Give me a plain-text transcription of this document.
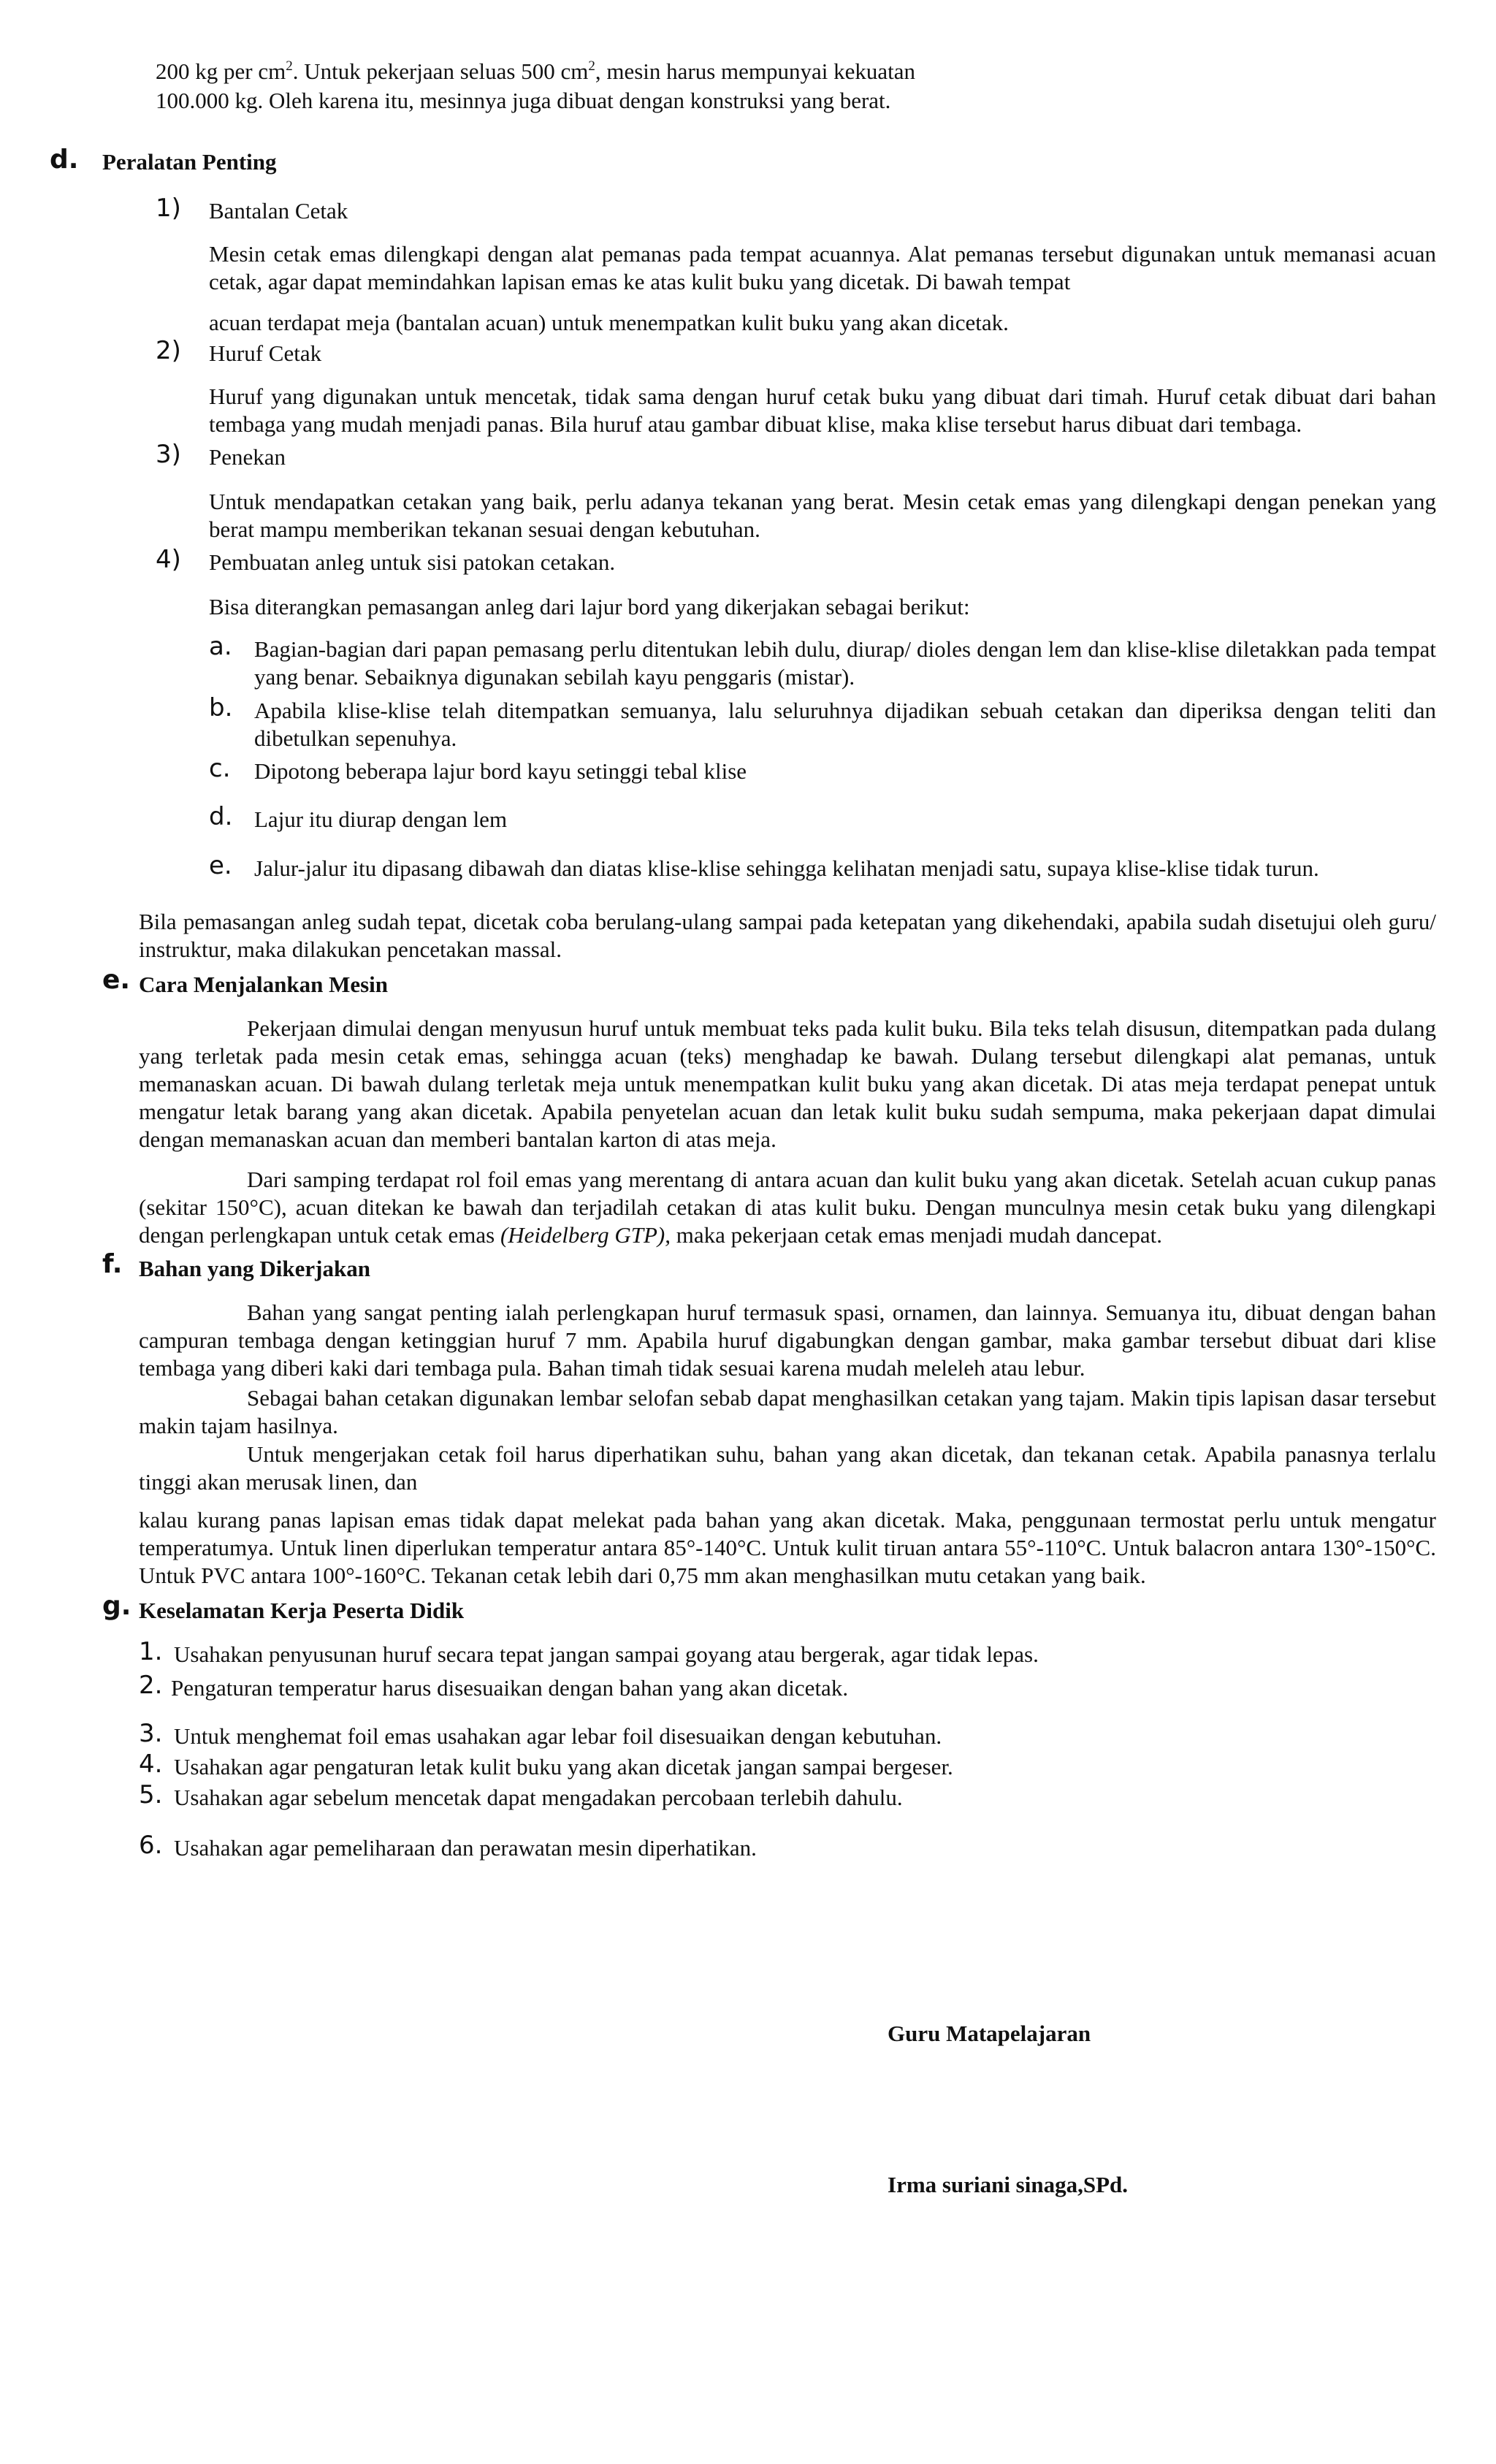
200 kg per $cm^2$. Untuk pekerjaan seluas 500 $cm^2$, mesin harus mempunyai kekuatan
100.000 kg. Oleh karena itu, mesinnya juga dibuat dengan konstruksi yang berat.
d. Peralatan Penting
1) Bantalan Cetak
Mesin cetak emas dilengkapi dengan alat pemanas pada tempat acuannya. Alat pemanas tersebut digunakan untuk memanasi acuan cetak, agar dapat memindahkan lapisan emas ke atas kulit buku yang dicetak. Di bawah tempat
acuan terdapat meja (bantalan acuan) untuk menempatkan kulit buku yang akan dicetak.
2) Huruf Cetak
Huruf yang digunakan untuk mencetak, tidak sama dengan huruf cetak buku yang dibuat dari timah. Huruf cetak dibuat dari bahan tembaga yang mudah menjadi panas. Bila huruf atau gambar dibuat klise, maka klise tersebut harus dibuat dari tembaga.
3) Penekan
Untuk mendapatkan cetakan yang baik, perlu adanya tekanan yang berat. Mesin cetak emas yang dilengkapi dengan penekan yang berat mampu memberikan tekanan sesuai dengan kebutuhan.
4) Pembuatan anleg untuk sisi patokan cetakan.
Bisa diterangkan pemasangan anleg dari lajur bord yang dikerjakan sebagai berikut:
a. Bagian-bagian dari papan pemasang perlu ditentukan lebih dulu, diurap/ dioles dengan lem dan klise-klise diletakkan pada tempat yang benar. Sebaiknya digunakan sebilah kayu penggaris (mistar).
b. Apabila klise-klise telah ditempatkan semuanya, lalu seluruhnya dijadikan sebuah cetakan dan diperiksa dengan teliti dan dibetulkan sepenuhya.
c. Dipotong beberapa lajur bord kayu setinggi tebal klise
d. Lajur itu diurap dengan lem
e. Jalur-jalur itu dipasang dibawah dan diatas klise-klise sehingga kelihatan menjadi satu, supaya klise-klise tidak turun.
Bila pemasangan anleg sudah tepat, dicetak coba berulang-ulang sampai pada ketepatan yang dikehendaki, apabila sudah disetujui oleh guru/ instruktur, maka dilakukan pencetakan massal.
e. Cara Menjalankan Mesin
Pekerjaan dimulai dengan menyusun huruf untuk membuat teks pada kulit buku. Bila teks telah disusun, ditempatkan pada dulang yang terletak pada mesin cetak emas, sehingga acuan (teks) menghadap ke bawah. Dulang tersebut dilengkapi alat pemanas, untuk memanaskan acuan. Di bawah dulang terletak meja untuk menempatkan kulit buku yang akan dicetak. Di atas meja terdapat penepat untuk mengatur letak barang yang akan dicetak. Apabila penyetelan acuan dan letak kulit buku sudah sempuma, maka pekerjaan dapat dimulai dengan memanaskan acuan dan memberi bantalan karton di atas meja.
Dari samping terdapat rol foil emas yang merentang di antara acuan dan kulit buku yang akan dicetak. Setelah acuan cukup panas (sekitar 150°C), acuan ditekan ke bawah dan terjadilah cetakan di atas kulit buku. Dengan munculnya mesin cetak buku yang dilengkapi dengan perlengkapan untuk cetak emas (Heidelberg GTP), maka pekerjaan cetak emas menjadi mudah dancepat.
f. Bahan yang Dikerjakan
Bahan yang sangat penting ialah perlengkapan huruf termasuk spasi, ornamen, dan lainnya. Semuanya itu, dibuat dengan bahan campuran tembaga dengan ketinggian huruf 7 mm. Apabila huruf digabungkan dengan gambar, maka gambar tersebut dibuat dari klise tembaga yang diberi kaki dari tembaga pula. Bahan timah tidak sesuai karena mudah meleleh atau lebur.
Sebagai bahan cetakan digunakan lembar selofan sebab dapat menghasilkan cetakan yang tajam. Makin tipis lapisan dasar tersebut makin tajam hasilnya.
Untuk mengerjakan cetak foil harus diperhatikan suhu, bahan yang akan dicetak, dan tekanan cetak. Apabila panasnya terlalu tinggi akan merusak linen, dan
kalau kurang panas lapisan emas tidak dapat melekat pada bahan yang akan dicetak. Maka, penggunaan termostat perlu untuk mengatur temperatumya. Untuk linen diperlukan temperatur antara 85°-140°C. Untuk kulit tiruan antara 55°-110°C. Untuk balacron antara 130°-150°C. Untuk PVC antara 100°-160°C. Tekanan cetak lebih dari 0,75 mm akan menghasilkan mutu cetakan yang baik.
g. Keselamatan Kerja Peserta Didik
1. Usahakan penyusunan huruf secara tepat jangan sampai goyang atau bergerak, agar tidak lepas.
2. Pengaturan temperatur harus disesuaikan dengan bahan yang akan dicetak.
3. Untuk menghemat foil emas usahakan agar lebar foil disesuaikan dengan kebutuhan.
4. Usahakan agar pengaturan letak kulit buku yang akan dicetak jangan sampai bergeser.
5. Usahakan agar sebelum mencetak dapat mengadakan percobaan terlebih dahulu.
6. Usahakan agar pemeliharaan dan perawatan mesin diperhatikan.
Guru Matapelajaran
Irma suriani sinaga,SPd.
